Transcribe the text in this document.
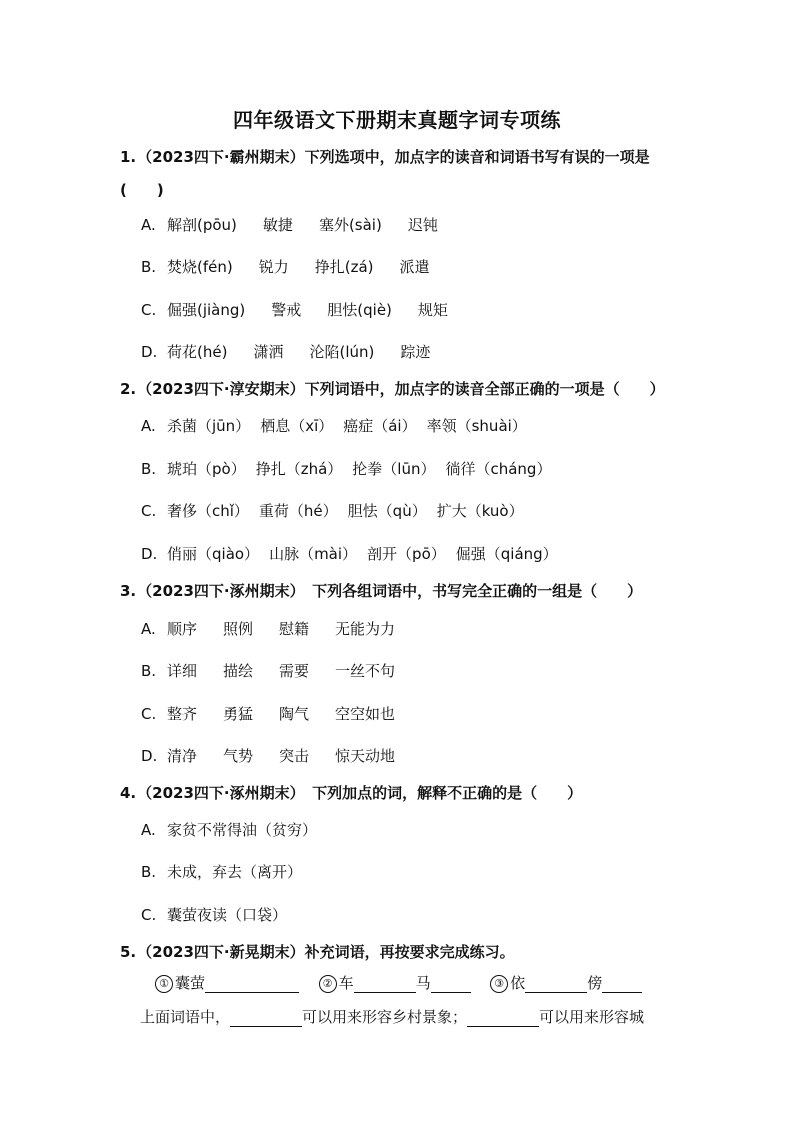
四年级语文下册期末真题字词专项练
1.（2023四下·霸州期末）下列选项中，加点字的读音和词语书写有误的一项是
(　　)
A. 解剖(pōu) 敏捷 塞外(sài) 迟钝
B. 焚烧(fén) 锐力 挣扎(zá) 派遣
C. 倔强(jiàng) 警戒 胆怯(qiè) 规矩
D. 荷花(hé) 潇洒 沦陷(lún) 踪迹
2.（2023四下·淳安期末）下列词语中，加点字的读音全部正确的一项是（　　）
A. 杀菌（jūn） 栖息（xī） 癌症（ái） 率领（shuài）
B. 琥珀（pò） 挣扎（zhá） 抡拳（lūn） 徜徉（cháng）
C. 奢侈（chǐ） 重荷（hé） 胆怯（qù） 扩大（kuò）
D. 俏丽（qiào） 山脉（mài） 剖开（pō） 倔强（qiáng）
3.（2023四下·涿州期末）　下列各组词语中，书写完全正确的一组是（　　）
A. 顺序 照例 慰籍 无能为力
B. 详细 描绘 需要 一丝不句
C. 整齐 勇猛 陶气 空空如也
D. 清净 气势 突击 惊天动地
4.（2023四下·涿州期末）　下列加点的词，解释不正确的是（　　）
A. 家贫不常得油（贫穷）
B. 未成，弃去（离开）
C. 囊萤夜读（口袋）
5.（2023四下·新晃期末）补充词语，再按要求完成练习。
① 囊萤	② 车	马	③ 依	傍
上面词语中，	可以用来形容乡村景象；	可以用来形容城
